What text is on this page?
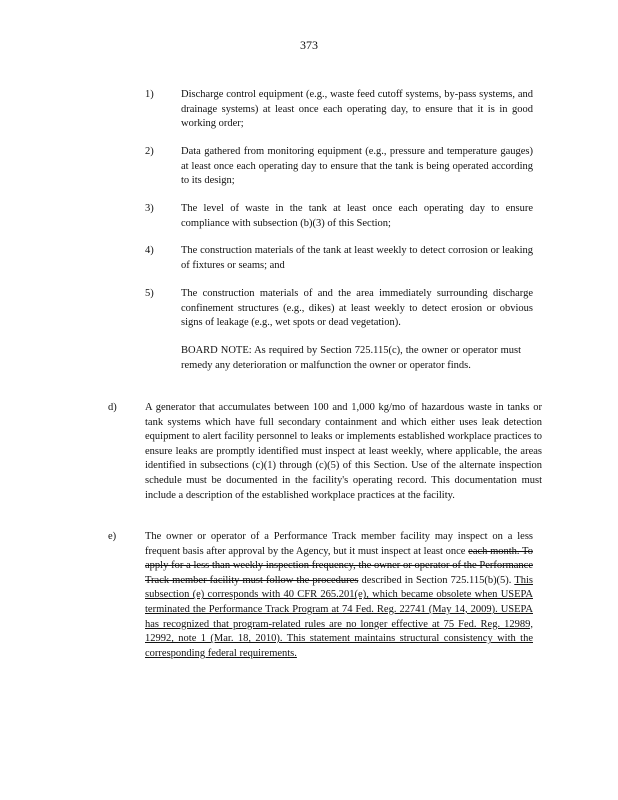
373
1)	Discharge control equipment (e.g., waste feed cutoff systems, by-pass systems, and drainage systems) at least once each operating day, to ensure that it is in good working order;
2)	Data gathered from monitoring equipment (e.g., pressure and temperature gauges) at least once each operating day to ensure that the tank is being operated according to its design;
3)	The level of waste in the tank at least once each operating day to ensure compliance with subsection (b)(3) of this Section;
4)	The construction materials of the tank at least weekly to detect corrosion or leaking of fixtures or seams; and
5)	The construction materials of and the area immediately surrounding discharge confinement structures (e.g., dikes) at least weekly to detect erosion or obvious signs of leakage (e.g., wet spots or dead vegetation).
BOARD NOTE: As required by Section 725.115(c), the owner or operator must remedy any deterioration or malfunction the owner or operator finds.
d)	A generator that accumulates between 100 and 1,000 kg/mo of hazardous waste in tanks or tank systems which have full secondary containment and which either uses leak detection equipment to alert facility personnel to leaks or implements established workplace practices to ensure leaks are promptly identified must inspect at least weekly, where applicable, the areas identified in subsections (c)(1) through (c)(5) of this Section. Use of the alternate inspection schedule must be documented in the facility's operating record. This documentation must include a description of the established workplace practices at the facility.
e)	The owner or operator of a Performance Track member facility may inspect on a less frequent basis after approval by the Agency, but it must inspect at least once each month. To apply for a less than weekly inspection frequency, the owner or operator of the Performance Track member facility must follow the procedures described in Section 725.115(b)(5). This subsection (e) corresponds with 40 CFR 265.201(e), which became obsolete when USEPA terminated the Performance Track Program at 74 Fed. Reg. 22741 (May 14, 2009). USEPA has recognized that program-related rules are no longer effective at 75 Fed. Reg. 12989, 12992, note 1 (Mar. 18, 2010). This statement maintains structural consistency with the corresponding federal requirements.
